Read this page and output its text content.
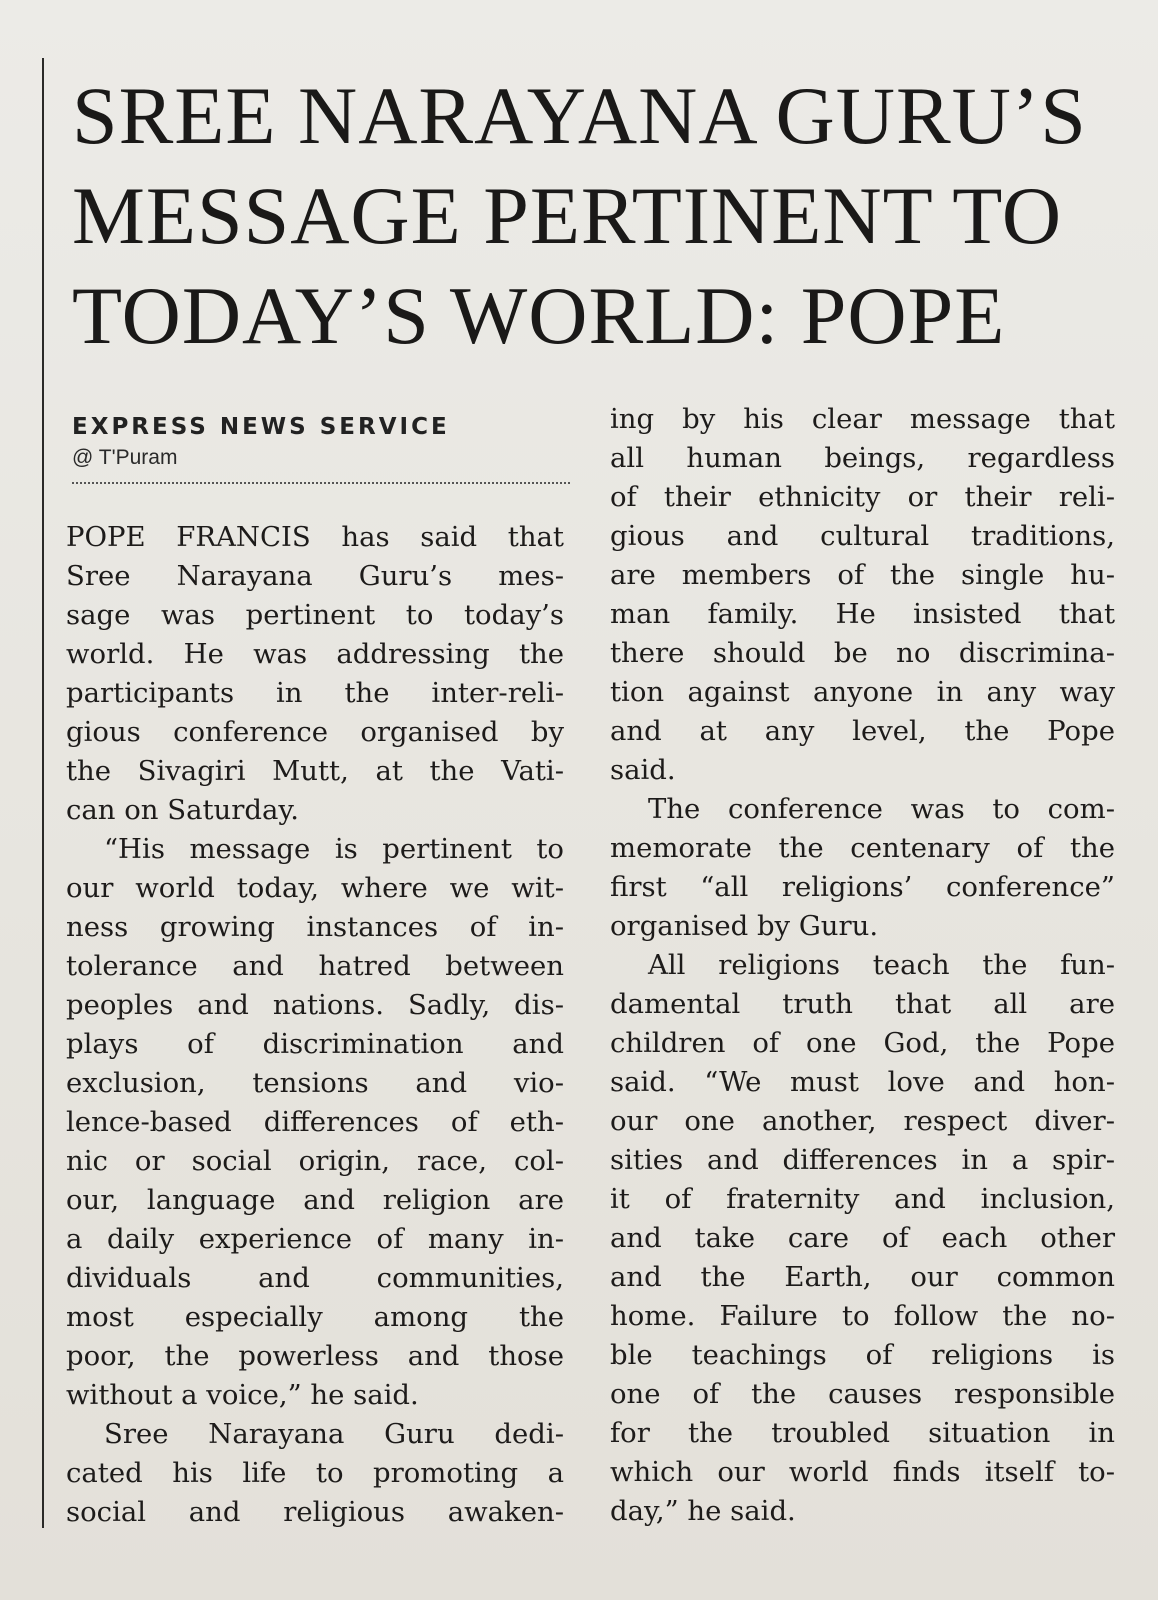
SREE NARAYANA GURU’S
MESSAGE PERTINENT TO
TODAY’S WORLD: POPE
EXPRESS NEWS SERVICE
@ T'Puram
POPE FRANCIS has said that
Sree Narayana Guru’s mes-
sage was pertinent to today’s
world. He was addressing the
participants in the inter-reli-
gious conference organised by
the Sivagiri Mutt, at the Vati-
can on Saturday.
“His message is pertinent to
our world today, where we wit-
ness growing instances of in-
tolerance and hatred between
peoples and nations. Sadly, dis-
plays of discrimination and
exclusion, tensions and vio-
lence-based differences of eth-
nic or social origin, race, col-
our, language and religion are
a daily experience of many in-
dividuals and communities,
most especially among the
poor, the powerless and those
without a voice,” he said.
Sree Narayana Guru dedi-
cated his life to promoting a
social and religious awaken-
ing by his clear message that
all human beings, regardless
of their ethnicity or their reli-
gious and cultural traditions,
are members of the single hu-
man family. He insisted that
there should be no discrimina-
tion against anyone in any way
and at any level, the Pope
said.
The conference was to com-
memorate the centenary of the
first “all religions’ conference”
organised by Guru.
All religions teach the fun-
damental truth that all are
children of one God, the Pope
said. “We must love and hon-
our one another, respect diver-
sities and differences in a spir-
it of fraternity and inclusion,
and take care of each other
and the Earth, our common
home. Failure to follow the no-
ble teachings of religions is
one of the causes responsible
for the troubled situation in
which our world finds itself to-
day,” he said.
